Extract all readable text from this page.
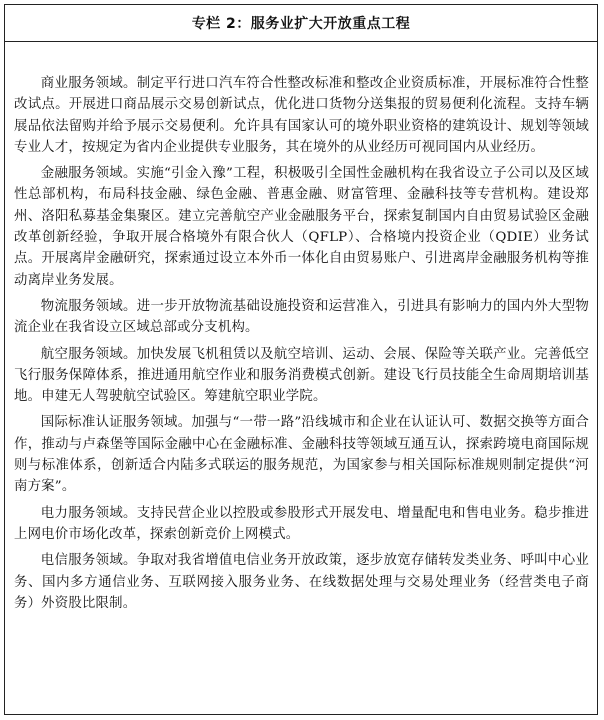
专栏 2：服务业扩大开放重点工程

商业服务领域。制定平行进口汽车符合性整改标准和整改企业资质标准，开展标准符合性整改试点。开展进口商品展示交易创新试点，优化进口货物分送集报的贸易便利化流程。支持车辆展品依法留购并给予展示交易便利。允许具有国家认可的境外职业资格的建筑设计、规划等领域专业人才，按规定为省内企业提供专业服务，其在境外的从业经历可视同国内从业经历。

金融服务领域。实施“引金入豫”工程，积极吸引全国性金融机构在我省设立子公司以及区域性总部机构，布局科技金融、绿色金融、普惠金融、财富管理、金融科技等专营机构。建设郑州、洛阳私募基金集聚区。建立完善航空产业金融服务平台，探索复制国内自由贸易试验区金融改革创新经验，争取开展合格境外有限合伙人（QFLP）、合格境内投资企业（QDIE）业务试点。开展离岸金融研究，探索通过设立本外币一体化自由贸易账户、引进离岸金融服务机构等推动离岸业务发展。

物流服务领域。进一步开放物流基础设施投资和运营准入，引进具有影响力的国内外大型物流企业在我省设立区域总部或分支机构。

航空服务领域。加快发展飞机租赁以及航空培训、运动、会展、保险等关联产业。完善低空飞行服务保障体系，推进通用航空作业和服务消费模式创新。建设飞行员技能全生命周期培训基地。申建无人驾驶航空试验区。筹建航空职业学院。

国际标准认证服务领域。加强与“一带一路”沿线城市和企业在认证认可、数据交换等方面合作，推动与卢森堡等国际金融中心在金融标准、金融科技等领域互通互认，探索跨境电商国际规则与标准体系，创新适合内陆多式联运的服务规范，为国家参与相关国际标准规则制定提供“河南方案”。

电力服务领域。支持民营企业以控股或参股形式开展发电、增量配电和售电业务。稳步推进上网电价市场化改革，探索创新竞价上网模式。

电信服务领域。争取对我省增值电信业务开放政策，逐步放宽存储转发类业务、呼叫中心业务、国内多方通信业务、互联网接入服务业务、在线数据处理与交易处理业务（经营类电子商务）外资股比限制。
